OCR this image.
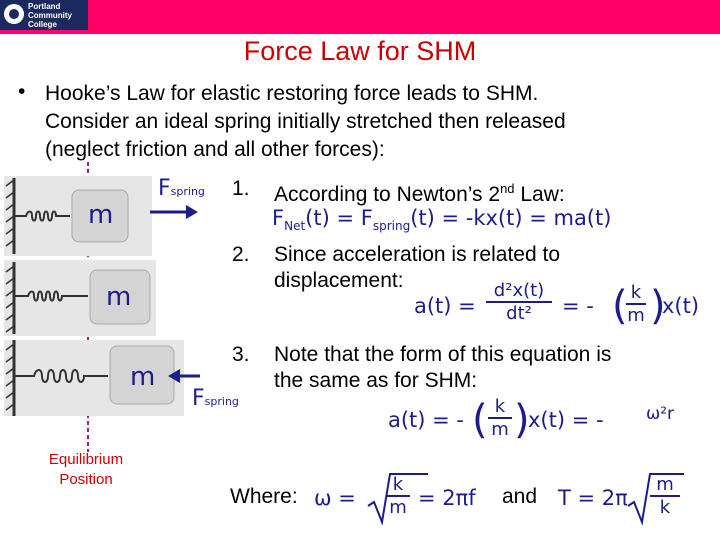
Portland
Community
College
Force Law for SHM
• Hooke’s Law for elastic restoring force leads to SHM.
Consider an ideal spring initially stretched then released
(neglect friction and all other forces):
m
m
m
Fspring
Fspring
Equilibrium
Position
1. According to Newton’s 2nd Law:
$F_{Net}(t) = F_{spring}(t) = -kx(t) = ma(t)$
2. Since acceleration is related to
displacement:
$a(t) = \frac{\text{d²x(t)}}{\text{dt²}}$ = - (
$\frac{k}{m}$ )
x(t)
3. Note that the form of this equation is
the same as for SHM:
a(t) = - ( $\frac{k}{m}$ )
x(t) = - ω²r
Where: $\omega = \frac{k}{m} = 2\pi f$ and $T = 2\pi \frac{m}{k}$
